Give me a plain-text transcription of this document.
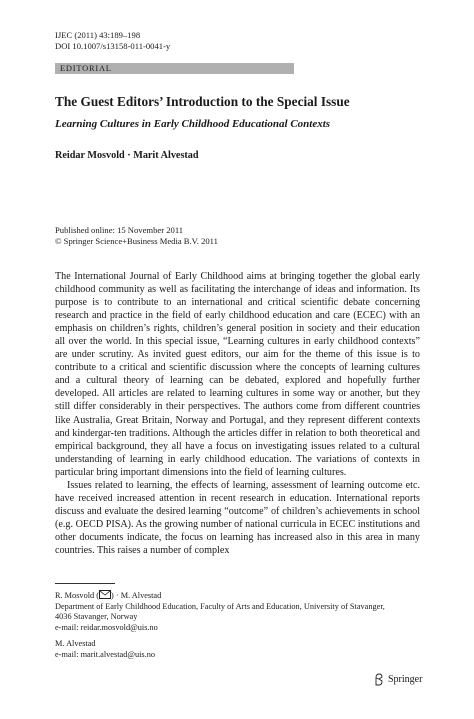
IJEC (2011) 43:189–198
DOI 10.1007/s13158-011-0041-y
EDITORIAL
The Guest Editors’ Introduction to the Special Issue
Learning Cultures in Early Childhood Educational Contexts
Reidar Mosvold · Marit Alvestad
Published online: 15 November 2011
© Springer Science+Business Media B.V. 2011

The International Journal of Early Childhood aims at bringing together the global early childhood community as well as facilitating the interchange of ideas and information. Its purpose is to contribute to an international and critical scientific debate concerning research and practice in the field of early childhood education and care (ECEC) with an emphasis on children’s rights, children’s general position in society and their education all over the world. In this special issue, “Learning cultures in early childhood contexts” are under scrutiny. As invited guest editors, our aim for the theme of this issue is to contribute to a critical and scientific discussion where the concepts of learning cultures and a cultural theory of learning can be debated, explored and hopefully further developed. All articles are related to learning cultures in some way or another, but they still differ considerably in their perspectives. The authors come from different countries like Australia, Great Britain, Norway and Portugal, and they represent different contexts and kindergar-ten traditions. Although the articles differ in relation to both theoretical and empirical background, they all have a focus on investigating issues related to a cultural understanding of learning in early childhood education. The variations of contexts in particular bring important dimensions into the field of learning cultures.

Issues related to learning, the effects of learning, assessment of learning outcome etc. have received increased attention in recent research in education. International reports discuss and evaluate the desired learning “outcome” of children’s achievements in school (e.g. OECD PISA). As the growing number of national curricula in ECEC institutions and other documents indicate, the focus on learning has increased also in this area in many countries. This raises a number of complex

R. Mosvold ( ) · M. Alvestad
Department of Early Childhood Education, Faculty of Arts and Education, University of Stavanger,
4036 Stavanger, Norway
e-mail: reidar.mosvold@uis.no
M. Alvestad
e-mail: marit.alvestad@uis.no
Springer
